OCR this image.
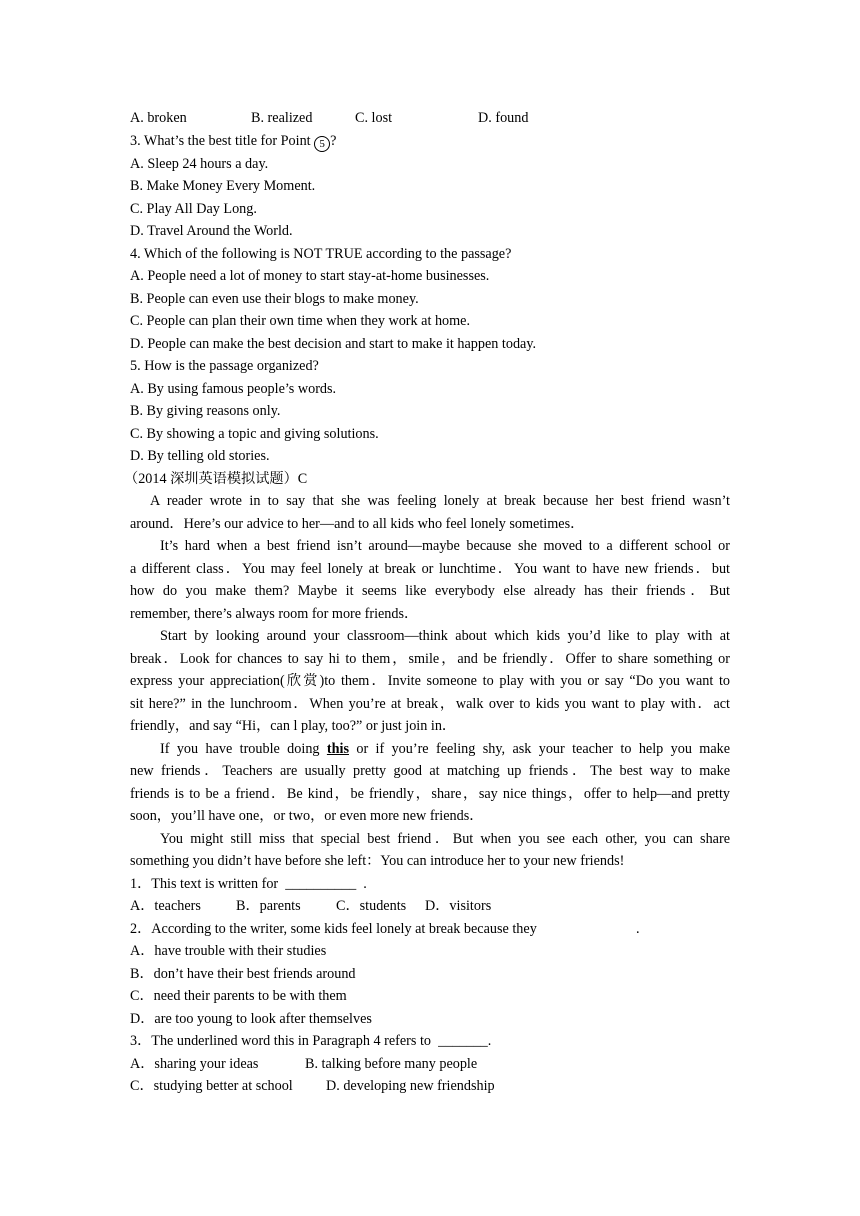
A. broken	B. realized	C. lost	D. found
3. What’s the best title for Point 5 ?
A. Sleep 24 hours a day.
B. Make Money Every Moment.
C. Play All Day Long.
D. Travel Around the World.
4. Which of the following is NOT TRUE according to the passage?
A. People need a lot of money to start stay-at-home businesses.
B. People can even use their blogs to make money.
C. People can plan their own time when they work at home.
D. People can make the best decision and start to make it happen today.
5. How is the passage organized?
A. By using famous people’s words.
B. By giving reasons only.
C. By showing a topic and giving solutions.
D. By telling old stories.
（2014 深圳英语模拟试题）C
A reader wrote in to say that she was feeling lonely at break because her best friend wasn’t
around．Here’s our advice to her—and to all kids who feel lonely sometimes．
It’s hard when a best friend isn’t around—maybe because she moved to a different school or
a different class．You may feel lonely at break or lunchtime．You want to have new friends．but
how do you make them? Maybe it seems like everybody else already has their friends．But
remember, there’s always room for more friends．
Start by looking around your classroom—think about which kids you’d like to play with at
break．Look for chances to say hi to them，smile，and be friendly．Offer to share something or
express your appreciation(欣赏)to them．Invite someone to play with you or say “Do you want to
sit here?” in the lunchroom．When you’re at break，walk over to kids you want to play with．act
friendly，and say “Hi，can l play, too?” or just join in．
If you have trouble doing this or if you’re feeling shy, ask your teacher to help you make
new friends．Teachers are usually pretty good at matching up friends．The best way to make
friends is to be a friend．Be kind，be friendly，share，say nice things，offer to help—and pretty
soon，you’ll have one，or two，or even more new friends．
You might still miss that special best friend．But when you see each other, you can share
something you didn’t have before she left：You can introduce her to your new friends!
1．This text is written for  __________  .
A．teachers B．parents C．students D．visitors
2．According to the writer, some kids feel lonely at break because they	.
A．have trouble with their studies
B．don’t have their best friends around
C．need their parents to be with them
D．are too young to look after themselves
3．The underlined word this in Paragraph 4 refers to  _______.
A．sharing your ideas	B. talking before many people
C．studying better at school D. developing new friendship
